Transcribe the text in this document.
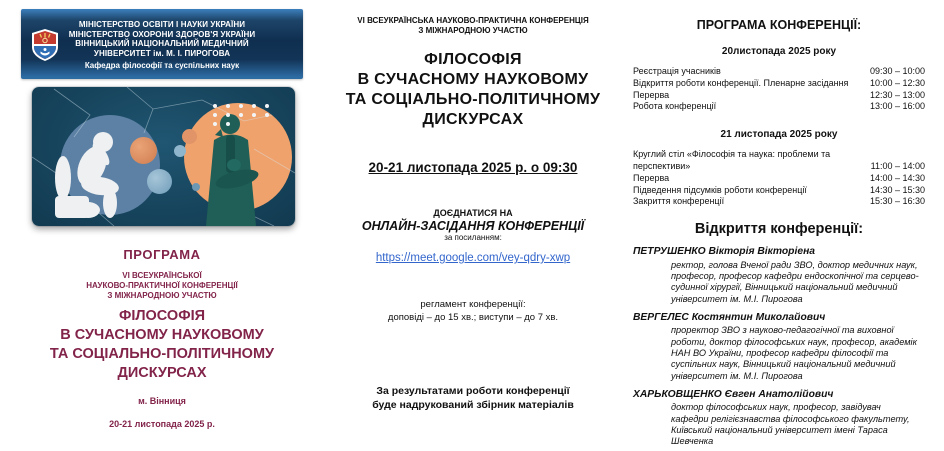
МІНІСТЕРСТВО ОСВІТИ І НАУКИ УКРАЇНИ
МІНІСТЕРСТВО ОХОРОНИ ЗДОРОВ'Я УКРАЇНИ
ВІННИЦЬКИЙ НАЦІОНАЛЬНИЙ МЕДИЧНИЙ
УНІВЕРСИТЕТ ім. М. І. ПИРОГОВА
Кафедра філософії та суспільних наук
ПРОГРАМА
VI ВСЕУКРАЇНСЬКОЇ
НАУКОВО-ПРАКТИЧНОЇ КОНФЕРЕНЦІЇ
З МІЖНАРОДНОЮ УЧАСТЮ
ФІЛОСОФІЯ
В СУЧАСНОМУ НАУКОВОМУ
ТА СОЦІАЛЬНО-ПОЛІТИЧНОМУ
ДИСКУРСАХ
м. Вінниця
20-21 листопада 2025 р.
VI ВСЕУКРАЇНСЬКА НАУКОВО-ПРАКТИЧНА КОНФЕРЕНЦІЯ
З МІЖНАРОДНОЮ УЧАСТЮ
ФІЛОСОФІЯ
В СУЧАСНОМУ НАУКОВОМУ
ТА СОЦІАЛЬНО-ПОЛІТИЧНОМУ
ДИСКУРСАХ
20-21 листопада 2025 р. о 09:30
ДОЄДНАТИСЯ НА
ОНЛАЙН-ЗАСІДАННЯ КОНФЕРЕНЦІЇ
за посиланням:
https://meet.google.com/vey-qdry-xwp
регламент конференції:
доповіді – до 15 хв.; виступи – до 7 хв.
За результатами роботи конференції
буде надрукований збірник матеріалів
ПРОГРАМА КОНФЕРЕНЦІЇ:
20листопада 2025 року
Реєстрація учасників	09:30 – 10:00
Відкриття роботи конференції. Пленарне засідання	10:00 – 12:30
Перерва	12:30 – 13:00
Робота конференції	13:00 – 16:00
21 листопада 2025 року
Круглий стіл «Філософія та наука: проблеми та перспективи»	11:00 – 14:00
Перерва	14:00 – 14:30
Підведення підсумків роботи конференції	14:30 – 15:30
Закриття конференції	15:30 – 16:30
Відкриття конференції:
ПЕТРУШЕНКО Вікторія Вікторіена
ректор, голова Вченої ради ЗВО, доктор медичних наук, професор, професор кафедри ендоскопічної та серцево-судинної хірургії, Вінницький національний медичний університет ім. М.І. Пирогова
ВЕРГЕЛЕС Костянтин Миколайович
проректор ЗВО з науково-педагогічної та виховної роботи, доктор філософських наук, професор, академік НАН ВО України, професор кафедри філософії та суспільних наук, Вінницький національний медичний університет ім. М.І. Пирогова
ХАРЬКОВЩЕНКО Євген Анатолійович
доктор філософських наук, професор, завідувач кафедри релігієзнавства філософського факультету, Київський національний університет імені Тараса Шевченка
